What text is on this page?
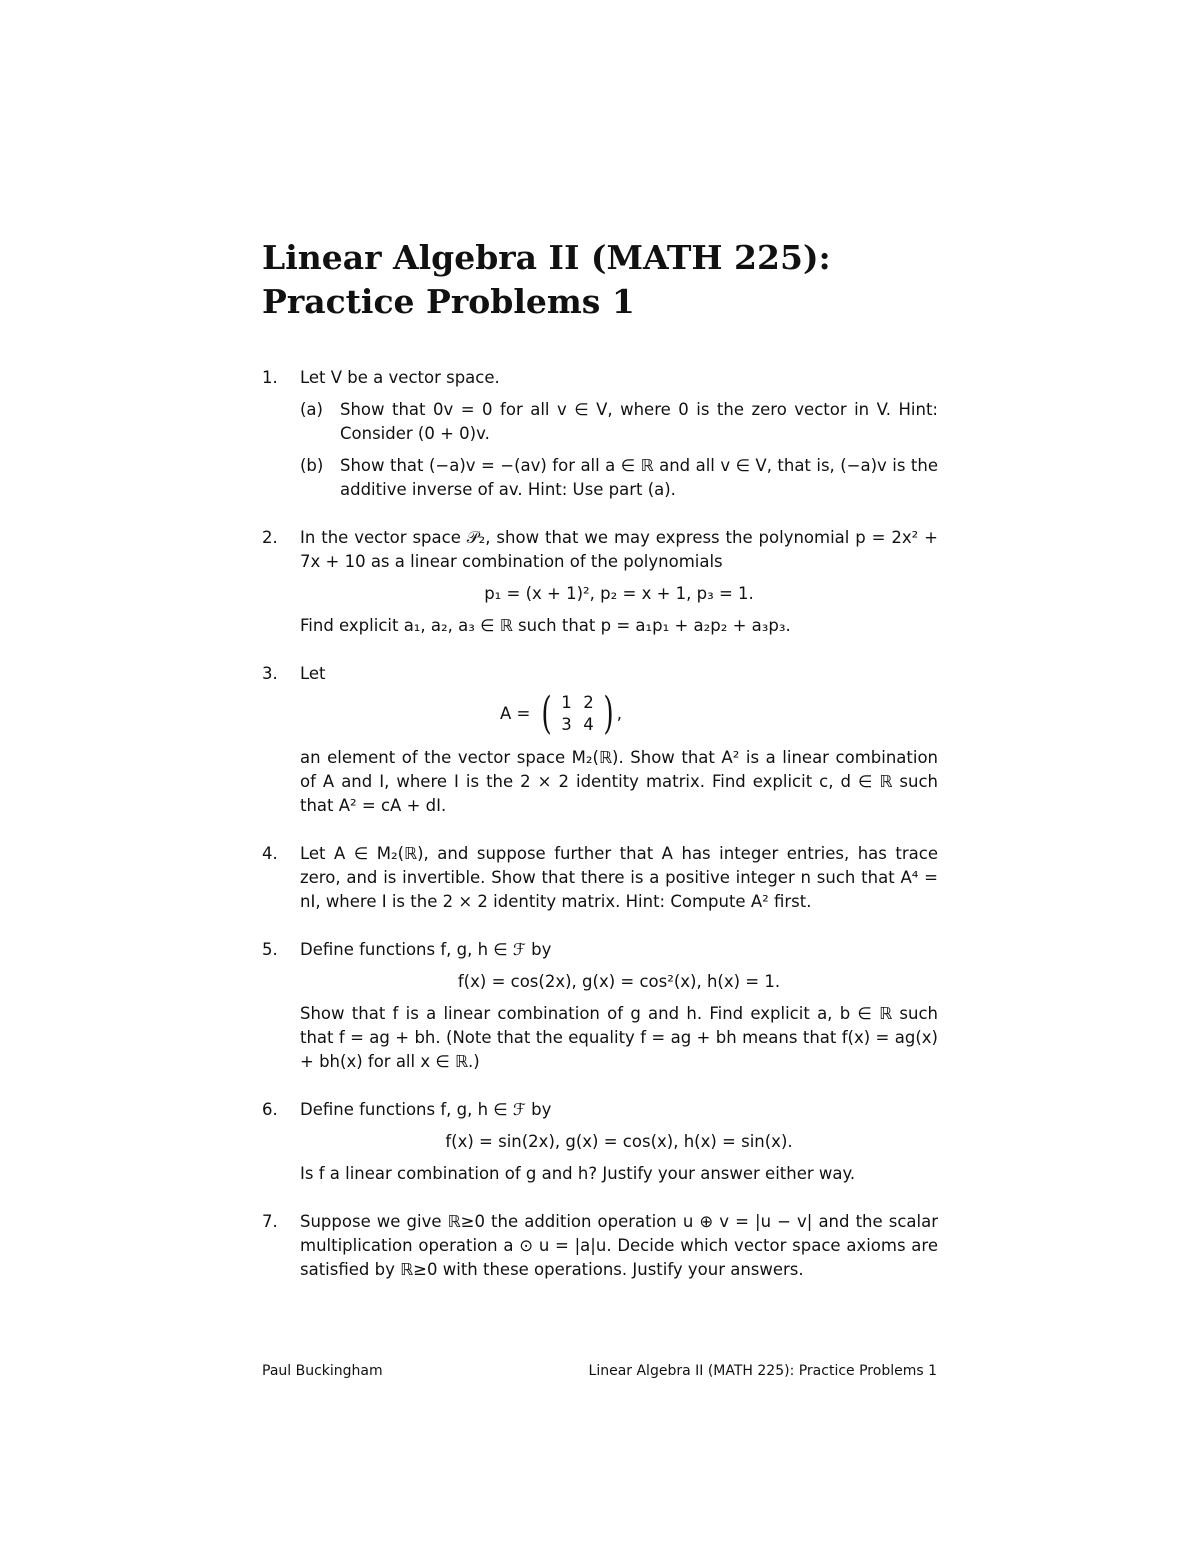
Linear Algebra II (MATH 225): Practice Problems 1
1. Let V be a vector space.

(a) Show that 0v = 0 for all v ∈ V, where 0 is the zero vector in V. Hint: Consider (0 + 0)v.

(b) Show that (−a)v = −(av) for all a ∈ ℝ and all v ∈ V, that is, (−a)v is the additive inverse of av. Hint: Use part (a).

2. In the vector space 𝒫₂, show that we may express the polynomial p = 2x² + 7x + 10 as a linear combination of the polynomials

p₁ = (x + 1)², p₂ = x + 1, p₃ = 1.

Find explicit a₁, a₂, a₃ ∈ ℝ such that p = a₁p₁ + a₂p₂ + a₃p₃.

3. Let

A = ( 1 2
3 4 ) ,

an element of the vector space M₂(ℝ). Show that A² is a linear combination of A and I, where I is the 2 × 2 identity matrix. Find explicit c, d ∈ ℝ such that A² = cA + dI.

4. Let A ∈ M₂(ℝ), and suppose further that A has integer entries, has trace zero, and is invertible. Show that there is a positive integer n such that A⁴ = nI, where I is the 2 × 2 identity matrix. Hint: Compute A² first.

5. Define functions f, g, h ∈ ℱ by

f(x) = cos(2x), g(x) = cos²(x), h(x) = 1.

Show that f is a linear combination of g and h. Find explicit a, b ∈ ℝ such that f = ag + bh. (Note that the equality f = ag + bh means that f(x) = ag(x) + bh(x) for all x ∈ ℝ.)

6. Define functions f, g, h ∈ ℱ by

f(x) = sin(2x), g(x) = cos(x), h(x) = sin(x).

Is f a linear combination of g and h? Justify your answer either way.

7. Suppose we give ℝ≥0 the addition operation u ⊕ v = |u − v| and the scalar multiplication operation a ⊙ u = |a|u. Decide which vector space axioms are satisfied by ℝ≥0 with these operations. Justify your answers.

Paul Buckingham	Linear Algebra II (MATH 225): Practice Problems 1
